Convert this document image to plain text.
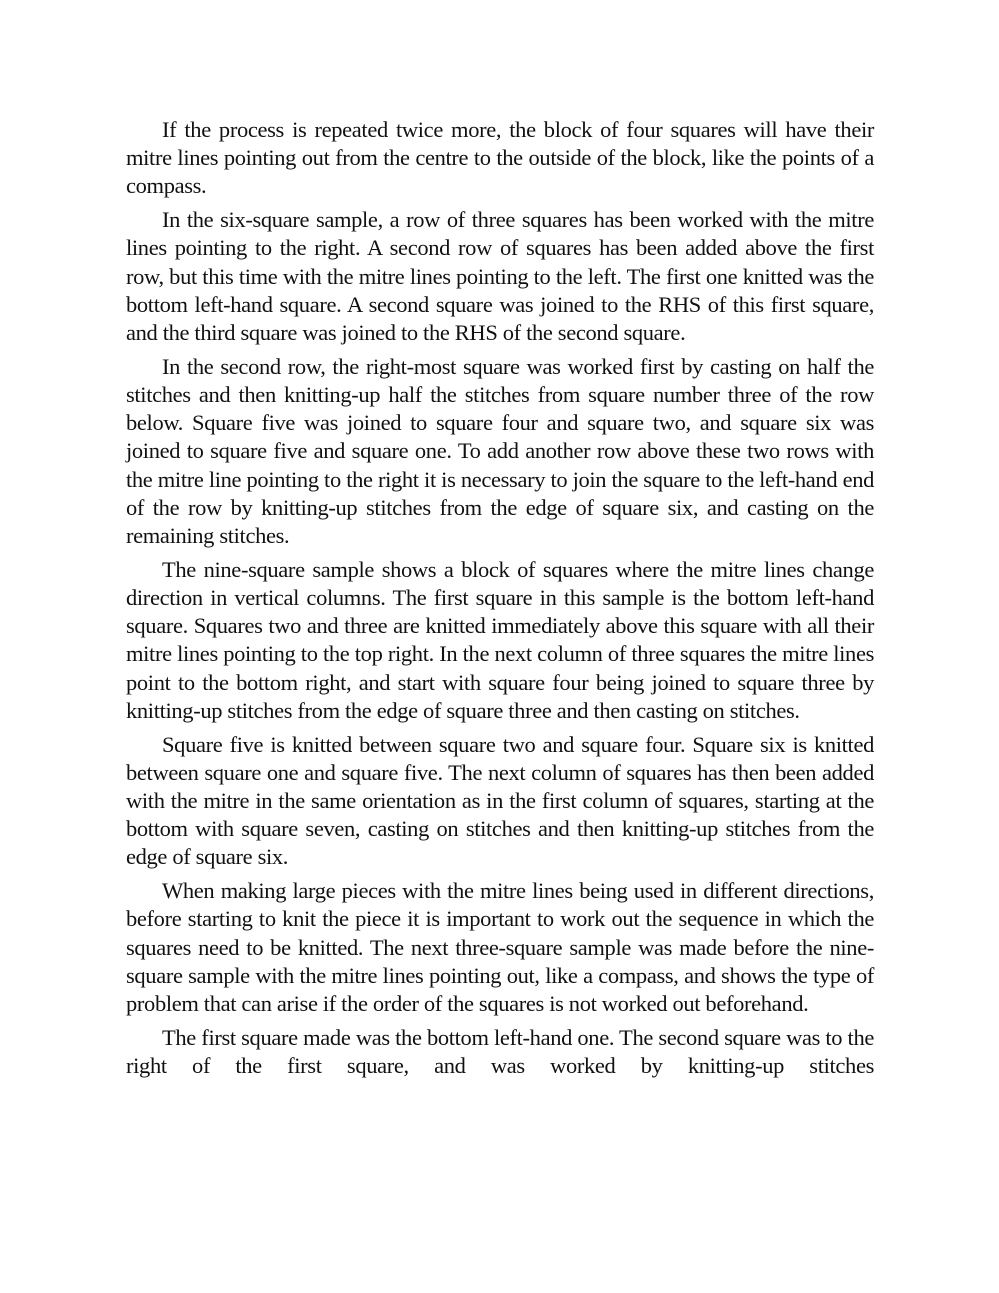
If the process is repeated twice more, the block of four squares will have their mitre lines pointing out from the centre to the outside of the block, like the points of a compass.

In the six-square sample, a row of three squares has been worked with the mitre lines pointing to the right. A second row of squares has been added above the first row, but this time with the mitre lines pointing to the left. The first one knitted was the bottom left-hand square. A second square was joined to the RHS of this first square, and the third square was joined to the RHS of the second square.

In the second row, the right-most square was worked first by casting on half the stitches and then knitting-up half the stitches from square number three of the row below. Square five was joined to square four and square two, and square six was joined to square five and square one. To add another row above these two rows with the mitre line pointing to the right it is necessary to join the square to the left-hand end of the row by knitting-up stitches from the edge of square six, and casting on the remaining stitches.

The nine-square sample shows a block of squares where the mitre lines change direction in vertical columns. The first square in this sample is the bottom left-hand square. Squares two and three are knitted immediately above this square with all their mitre lines pointing to the top right. In the next column of three squares the mitre lines point to the bottom right, and start with square four being joined to square three by knitting-up stitches from the edge of square three and then casting on stitches.

Square five is knitted between square two and square four. Square six is knitted between square one and square five. The next column of squares has then been added with the mitre in the same orientation as in the first column of squares, starting at the bottom with square seven, casting on stitches and then knitting-up stitches from the edge of square six.

When making large pieces with the mitre lines being used in different directions, before starting to knit the piece it is important to work out the sequence in which the squares need to be knitted. The next three-square sample was made before the nine-square sample with the mitre lines pointing out, like a compass, and shows the type of problem that can arise if the order of the squares is not worked out beforehand.

The first square made was the bottom left-hand one. The second square was to the right of the first square, and was worked by knitting-up stitches
